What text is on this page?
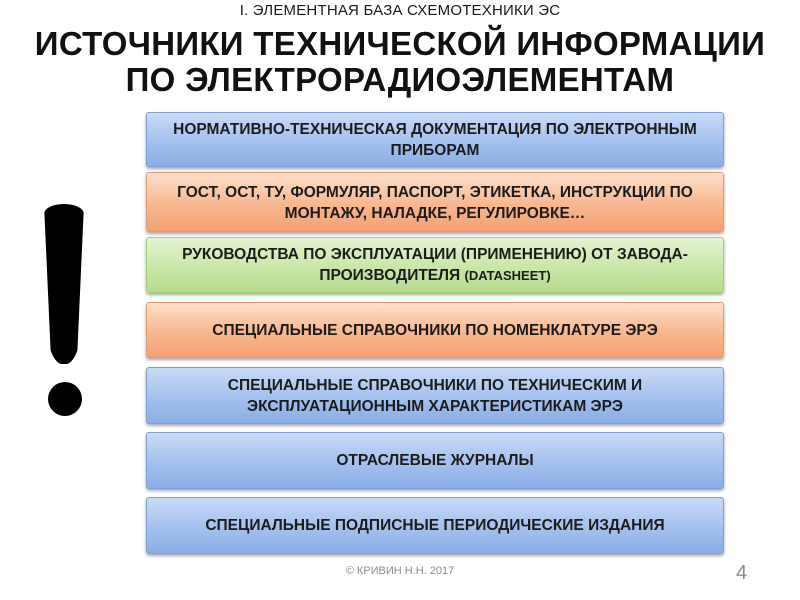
I. ЭЛЕМЕНТНАЯ БАЗА СХЕМОТЕХНИКИ ЭС
ИСТОЧНИКИ ТЕХНИЧЕСКОЙ ИНФОРМАЦИИ
ПО ЭЛЕКТРОРАДИОЭЛЕМЕНТАМ
НОРМАТИВНО-ТЕХНИЧЕСКАЯ ДОКУМЕНТАЦИЯ ПО ЭЛЕКТРОННЫМ ПРИБОРАМ
ГОСТ, ОСТ, ТУ, ФОРМУЛЯР, ПАСПОРТ, ЭТИКЕТКА, ИНСТРУКЦИИ ПО МОНТАЖУ, НАЛАДКЕ, РЕГУЛИРОВКЕ…
РУКОВОДСТВА ПО ЭКСПЛУАТАЦИИ (ПРИМЕНЕНИЮ) ОТ ЗАВОДА-ПРОИЗВОДИТЕЛЯ (DATASHEET)
СПЕЦИАЛЬНЫЕ СПРАВОЧНИКИ ПО НОМЕНКЛАТУРЕ ЭРЭ
СПЕЦИАЛЬНЫЕ СПРАВОЧНИКИ ПО ТЕХНИЧЕСКИМ И ЭКСПЛУАТАЦИОННЫМ ХАРАКТЕРИСТИКАМ ЭРЭ
ОТРАСЛЕВЫЕ ЖУРНАЛЫ
СПЕЦИАЛЬНЫЕ ПОДПИСНЫЕ ПЕРИОДИЧЕСКИЕ ИЗДАНИЯ
© КРИВИН Н.Н. 2017	4
